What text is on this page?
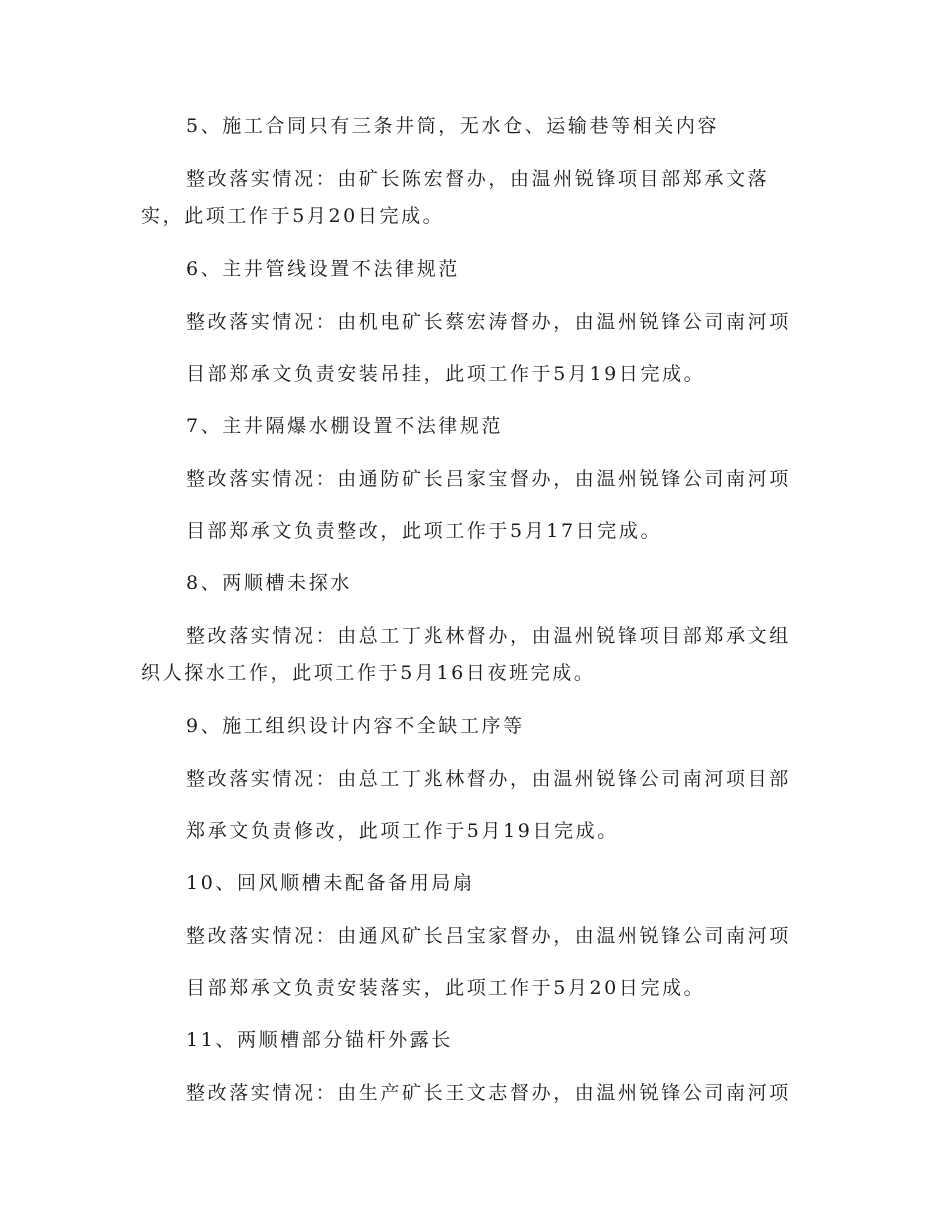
5、施工合同只有三条井筒，无水仓、运输巷等相关内容
整改落实情况：由矿长陈宏督办，由温州锐锋项目部郑承文落
实，此项工作于5月20日完成。
6、主井管线设置不法律规范
整改落实情况：由机电矿长蔡宏涛督办，由温州锐锋公司南河项
目部郑承文负责安装吊挂，此项工作于5月19日完成。
7、主井隔爆水棚设置不法律规范
整改落实情况：由通防矿长吕家宝督办，由温州锐锋公司南河项
目部郑承文负责整改，此项工作于5月17日完成。
8、两顺槽未探水
整改落实情况：由总工丁兆林督办，由温州锐锋项目部郑承文组
织人探水工作，此项工作于5月16日夜班完成。
9、施工组织设计内容不全缺工序等
整改落实情况：由总工丁兆林督办，由温州锐锋公司南河项目部
郑承文负责修改，此项工作于5月19日完成。
10、回风顺槽未配备备用局扇
整改落实情况：由通风矿长吕宝家督办，由温州锐锋公司南河项
目部郑承文负责安装落实，此项工作于5月20日完成。
11、两顺槽部分锚杆外露长
整改落实情况：由生产矿长王文志督办，由温州锐锋公司南河项
